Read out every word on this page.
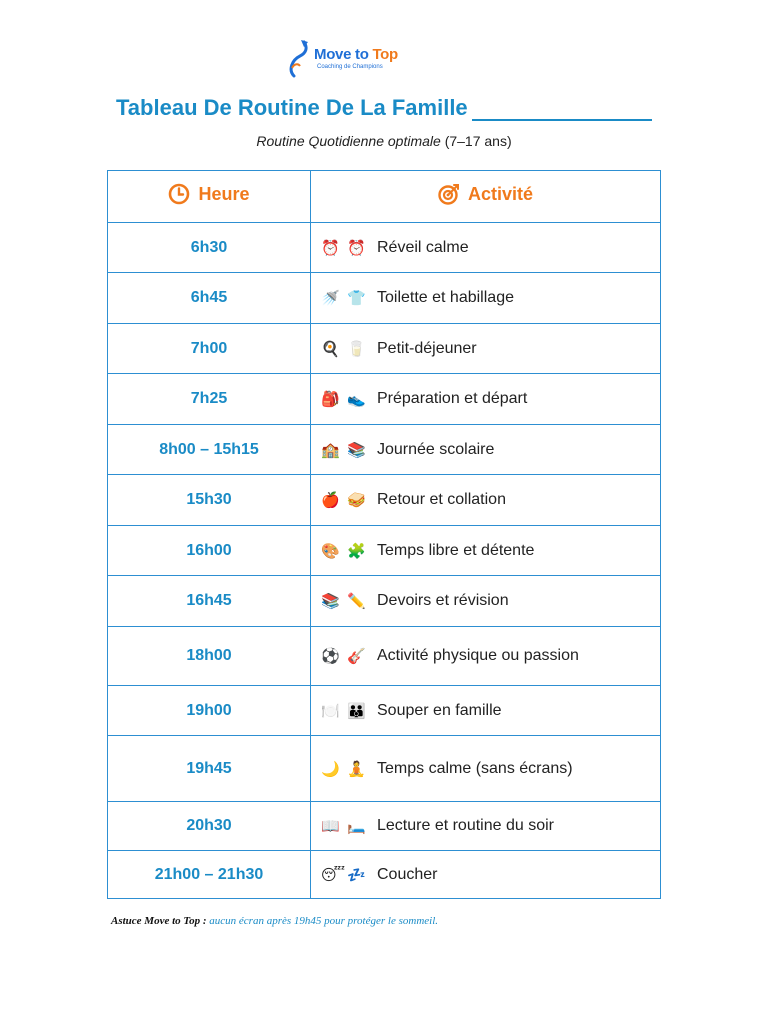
Move to Top
Coaching de Champions
Tableau De Routine De La Famille
Routine Quotidienne optimale (7–17 ans)
Heure	Activité

6h30	⏰ ⏰ Réveil calme

6h45	🚿 👕 Toilette et habillage

7h00	🍳 🥛 Petit-déjeuner

7h25	🎒 👟 Préparation et départ

8h00 – 15h15	🏫 📚 Journée scolaire

15h30	🍎 🥪 Retour et collation

16h00	🎨 🧩 Temps libre et détente

16h45	📚 ✏️ Devoirs et révision

18h00	⚽ 🎸 Activité physique ou passion

19h00	🍽️ 👪 Souper en famille

19h45	🌙 🧘 Temps calme (sans écrans)

20h30	📖 🛏️ Lecture et routine du soir

21h00 – 21h30	😴 💤 Coucher
Astuce Move to Top : aucun écran après 19h45 pour protéger le sommeil.
